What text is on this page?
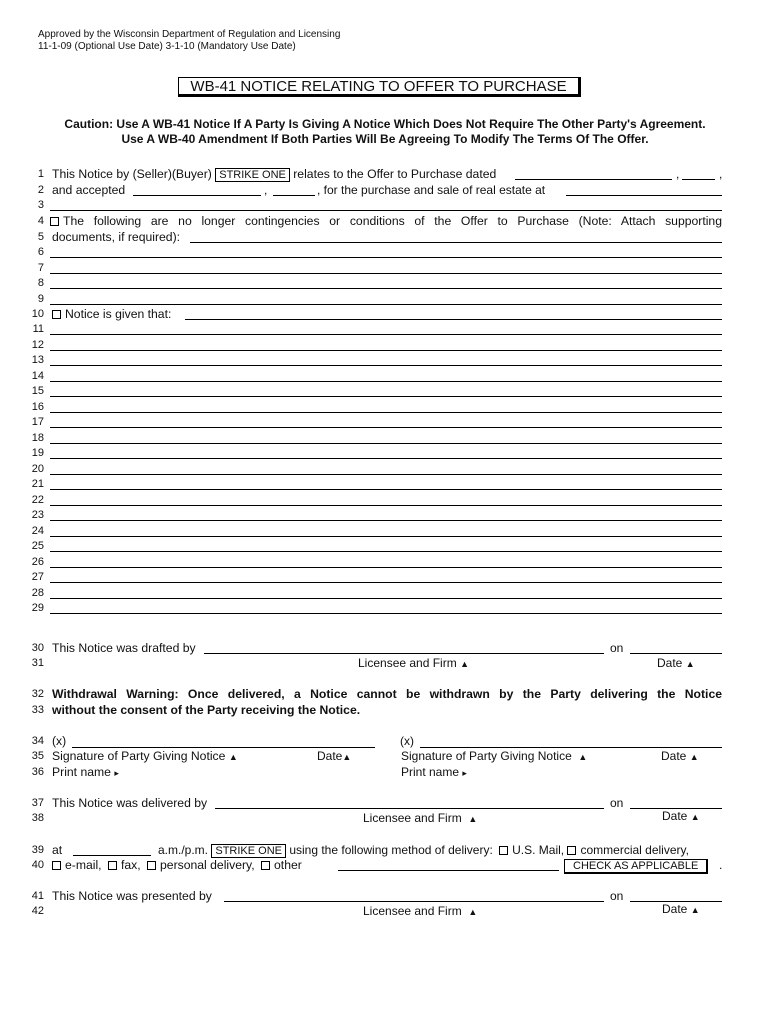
Approved by the Wisconsin Department of Regulation and Licensing
11-1-09 (Optional Use Date) 3-1-10 (Mandatory Use Date)
WB-41 NOTICE RELATING TO OFFER TO PURCHASE
Caution: Use A WB-41 Notice If A Party Is Giving A Notice Which Does Not Require The Other Party's Agreement.
Use A WB-40 Amendment If Both Parties Will Be Agreeing To Modify The Terms Of The Offer.
1 This Notice by (Seller)(Buyer) STRIKE ONE relates to the Offer to Purchase dated	,	,
2 and accepted	,	, for the purchase and sale of real estate at
3
4	The following are no longer contingencies or conditions of the Offer to Purchase (Note: Attach supporting
5 documents, if required):
6
7
8
9
10	Notice is given that:
11
12
13
14
15
16
17
18
19
20
21
22
23
24
25
26
27
28
29
30 This Notice was drafted by	on
31	Licensee and Firm ▲	Date ▲
32 Withdrawal Warning: Once delivered, a Notice cannot be withdrawn by the Party delivering the Notice
33 without the consent of the Party receiving the Notice.
34 (x)	(x)
35 Signature of Party Giving Notice ▲	Date▲	Signature of Party Giving Notice ▲	Date ▲
36 Print name ▸	Print name ▸
37 This Notice was delivered by	on
38	Licensee and Firm ▲	Date ▲
39 at	a.m./p.m. STRIKE ONE using the following method of delivery: U.S. Mail, commercial delivery,
40	e-mail, fax, personal delivery, other	CHECK AS APPLICABLE	.
41 This Notice was presented by	on
42	Licensee and Firm ▲	Date ▲
